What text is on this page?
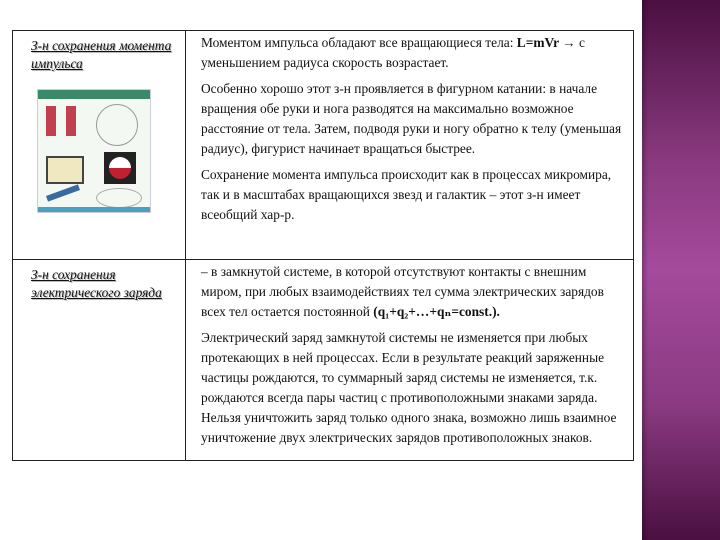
З-н сохранения момента импульса	Моментом импульса обладают все вращающиеся тела: L=mVr → с уменьшением радиуса скорость возрастает.

Особенно хорошо этот з-н проявляется в фигурном катании: в начале вращения обе руки и нога разводятся на максимально возможное расстояние от тела. Затем, подводя руки и ногу обратно к телу (уменьшая радиус), фигурист начинает вращаться быстрее.

Сохранение момента импульса происходит как в процессах микромира, так и в масштабах вращающихся звезд и галактик – этот з-н имеет всеобщий хар-р.

З-н сохранения электрического заряда	– в замкнутой системе, в которой отсутствуют контакты с внешним миром, при любых взаимодействиях тел сумма электрических зарядов всех тел остается постоянной (q₁+q₂+…+qₙ=const.).

Электрический заряд замкнутой системы не изменяется при любых протекающих в ней процессах. Если в результате реакций заряженные частицы рождаются, то суммарный заряд системы не изменяется, т.к. рождаются всегда пары частиц с противоположными знаками заряда. Нельзя уничтожить заряд только одного знака, возможно лишь взаимное уничтожение двух электрических зарядов противоположных знаков.
